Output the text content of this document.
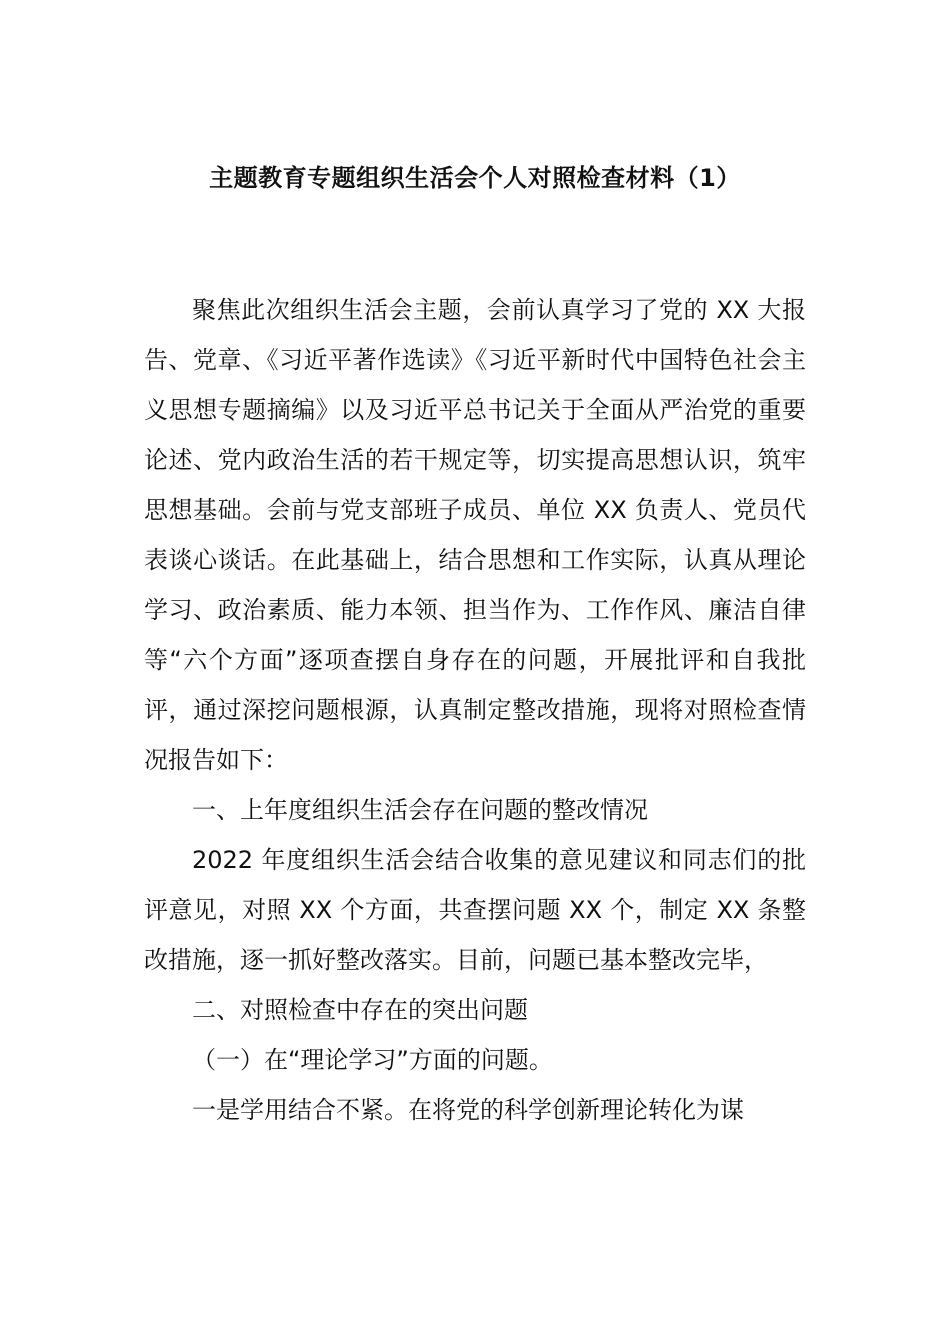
主题教育专题组织生活会个人对照检查材料（1）

聚焦此次组织生活会主题，会前认真学习了党的 XX 大报告、党章、《习近平著作选读》《习近平新时代中国特色社会主义思想专题摘编》以及习近平总书记关于全面从严治党的重要论述、党内政治生活的若干规定等，切实提高思想认识，筑牢思想基础。会前与党支部班子成员、单位 XX 负责人、党员代表谈心谈话。在此基础上，结合思想和工作实际，认真从理论学习、政治素质、能力本领、担当作为、工作作风、廉洁自律等“六个方面”逐项查摆自身存在的问题，开展批评和自我批评，通过深挖问题根源，认真制定整改措施，现将对照检查情况报告如下：

一、上年度组织生活会存在问题的整改情况

2022 年度组织生活会结合收集的意见建议和同志们的批评意见，对照 XX 个方面，共查摆问题 XX 个，制定 XX 条整改措施，逐一抓好整改落实。目前，问题已基本整改完毕，

二、对照检查中存在的突出问题

（一）在“理论学习”方面的问题。

一是学用结合不紧。在将党的科学创新理论转化为谋
